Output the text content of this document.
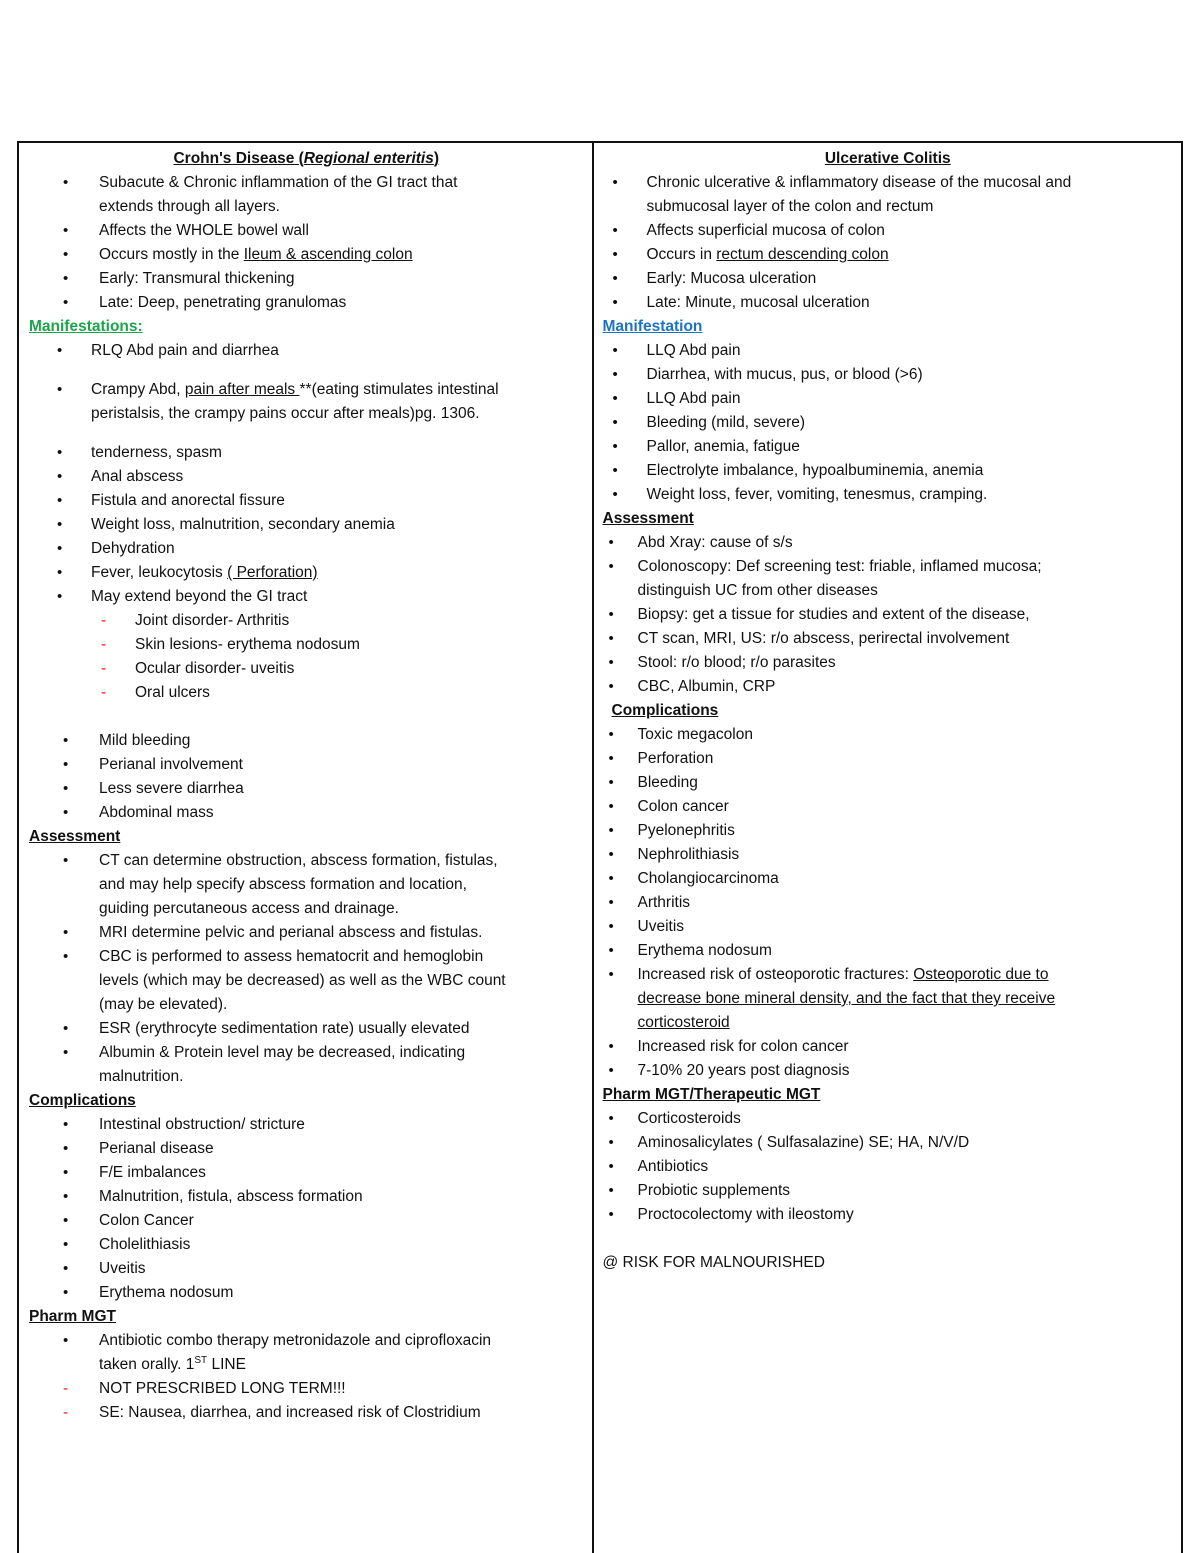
Crohn's Disease (Regional enteritis)
• Subacute & Chronic inflammation of the GI tract that
extends through all layers.
• Affects the WHOLE bowel wall
• Occurs mostly in the Ileum & ascending colon
• Early: Transmural thickening
• Late: Deep, penetrating granulomas
Manifestations:
• RLQ Abd pain and diarrhea
• Crampy Abd, pain after meals **(eating stimulates intestinal
peristalsis, the crampy pains occur after meals)pg. 1306.
• tenderness, spasm
• Anal abscess
• Fistula and anorectal fissure
• Weight loss, malnutrition, secondary anemia
• Dehydration
• Fever, leukocytosis ( Perforation)
• May extend beyond the GI tract
- Joint disorder- Arthritis
- Skin lesions- erythema nodosum
- Ocular disorder- uveitis
- Oral ulcers
• Mild bleeding
• Perianal involvement
• Less severe diarrhea
• Abdominal mass
Assessment
• CT can determine obstruction, abscess formation, fistulas,
and may help specify abscess formation and location,
guiding percutaneous access and drainage.
• MRI determine pelvic and perianal abscess and fistulas.
• CBC is performed to assess hematocrit and hemoglobin
levels (which may be decreased) as well as the WBC count
(may be elevated).
• ESR (erythrocyte sedimentation rate) usually elevated
• Albumin & Protein level may be decreased, indicating
malnutrition.
Complications
• Intestinal obstruction/ stricture
• Perianal disease
• F/E imbalances
• Malnutrition, fistula, abscess formation
• Colon Cancer
• Cholelithiasis
• Uveitis
• Erythema nodosum
Pharm MGT
• Antibiotic combo therapy metronidazole and ciprofloxacin
taken orally. 1ST LINE
- NOT PRESCRIBED LONG TERM!!!
- SE: Nausea, diarrhea, and increased risk of Clostridium
Ulcerative Colitis
• Chronic ulcerative & inflammatory disease of the mucosal and
submucosal layer of the colon and rectum
• Affects superficial mucosa of colon
• Occurs in rectum descending colon
• Early: Mucosa ulceration
• Late: Minute, mucosal ulceration
Manifestation
• LLQ Abd pain
• Diarrhea, with mucus, pus, or blood (>6)
• LLQ Abd pain
• Bleeding (mild, severe)
• Pallor, anemia, fatigue
• Electrolyte imbalance, hypoalbuminemia, anemia
• Weight loss, fever, vomiting, tenesmus, cramping.
Assessment
• Abd Xray: cause of s/s
• Colonoscopy: Def screening test: friable, inflamed mucosa;
distinguish UC from other diseases
• Biopsy: get a tissue for studies and extent of the disease,
• CT scan, MRI, US: r/o abscess, perirectal involvement
• Stool: r/o blood; r/o parasites
• CBC, Albumin, CRP
Complications
• Toxic megacolon
• Perforation
• Bleeding
• Colon cancer
• Pyelonephritis
• Nephrolithiasis
• Cholangiocarcinoma
• Arthritis
• Uveitis
• Erythema nodosum
• Increased risk of osteoporotic fractures: Osteoporotic due to
decrease bone mineral density, and the fact that they receive
corticosteroid
• Increased risk for colon cancer
• 7-10% 20 years post diagnosis
Pharm MGT/Therapeutic MGT
• Corticosteroids
• Aminosalicylates ( Sulfasalazine) SE; HA, N/V/D
• Antibiotics
• Probiotic supplements
• Proctocolectomy with ileostomy
@ RISK FOR MALNOURISHED
